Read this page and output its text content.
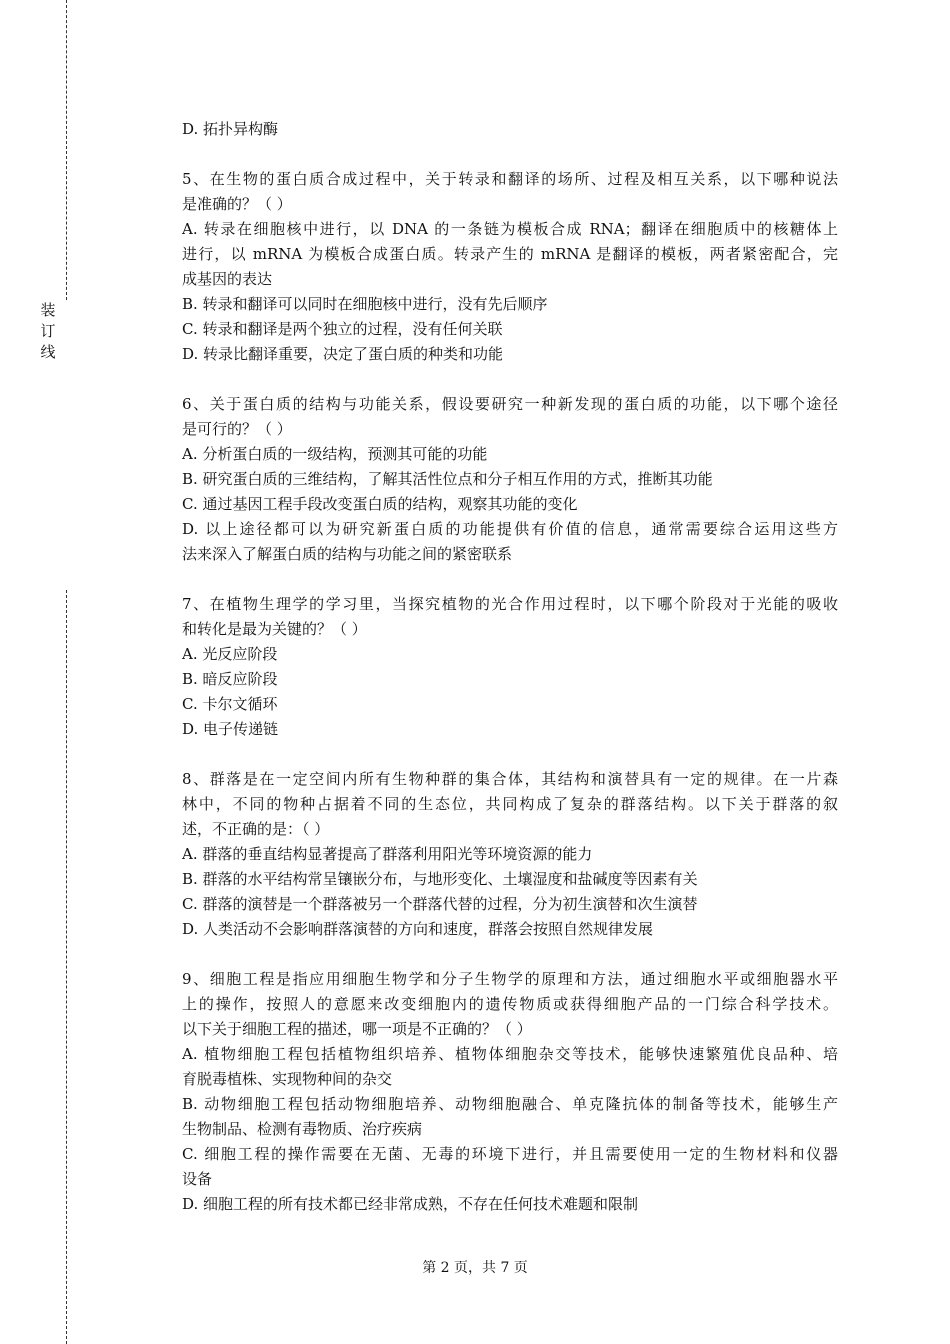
装
订
线
D. 拓扑异构酶
5、在生物的蛋白质合成过程中，关于转录和翻译的场所、过程及相互关系，以下哪种说法
是准确的？（ ）
A. 转录在细胞核中进行，以 DNA 的一条链为模板合成 RNA；翻译在细胞质中的核糖体上
进行，以 mRNA 为模板合成蛋白质。转录产生的 mRNA 是翻译的模板，两者紧密配合，完
成基因的表达
B. 转录和翻译可以同时在细胞核中进行，没有先后顺序
C. 转录和翻译是两个独立的过程，没有任何关联
D. 转录比翻译重要，决定了蛋白质的种类和功能
6、关于蛋白质的结构与功能关系，假设要研究一种新发现的蛋白质的功能，以下哪个途径
是可行的？（ ）
A. 分析蛋白质的一级结构，预测其可能的功能
B. 研究蛋白质的三维结构，了解其活性位点和分子相互作用的方式，推断其功能
C. 通过基因工程手段改变蛋白质的结构，观察其功能的变化
D. 以上途径都可以为研究新蛋白质的功能提供有价值的信息，通常需要综合运用这些方
法来深入了解蛋白质的结构与功能之间的紧密联系
7、在植物生理学的学习里，当探究植物的光合作用过程时，以下哪个阶段对于光能的吸收
和转化是最为关键的？（ ）
A. 光反应阶段
B. 暗反应阶段
C. 卡尔文循环
D. 电子传递链
8、群落是在一定空间内所有生物种群的集合体，其结构和演替具有一定的规律。在一片森
林中，不同的物种占据着不同的生态位，共同构成了复杂的群落结构。以下关于群落的叙
述，不正确的是：（ ）
A. 群落的垂直结构显著提高了群落利用阳光等环境资源的能力
B. 群落的水平结构常呈镶嵌分布，与地形变化、土壤湿度和盐碱度等因素有关
C. 群落的演替是一个群落被另一个群落代替的过程，分为初生演替和次生演替
D. 人类活动不会影响群落演替的方向和速度，群落会按照自然规律发展
9、细胞工程是指应用细胞生物学和分子生物学的原理和方法，通过细胞水平或细胞器水平
上的操作，按照人的意愿来改变细胞内的遗传物质或获得细胞产品的一门综合科学技术。
以下关于细胞工程的描述，哪一项是不正确的？（ ）
A. 植物细胞工程包括植物组织培养、植物体细胞杂交等技术，能够快速繁殖优良品种、培
育脱毒植株、实现物种间的杂交
B. 动物细胞工程包括动物细胞培养、动物细胞融合、单克隆抗体的制备等技术，能够生产
生物制品、检测有毒物质、治疗疾病
C. 细胞工程的操作需要在无菌、无毒的环境下进行，并且需要使用一定的生物材料和仪器
设备
D. 细胞工程的所有技术都已经非常成熟，不存在任何技术难题和限制
第 2 页，共 7 页
